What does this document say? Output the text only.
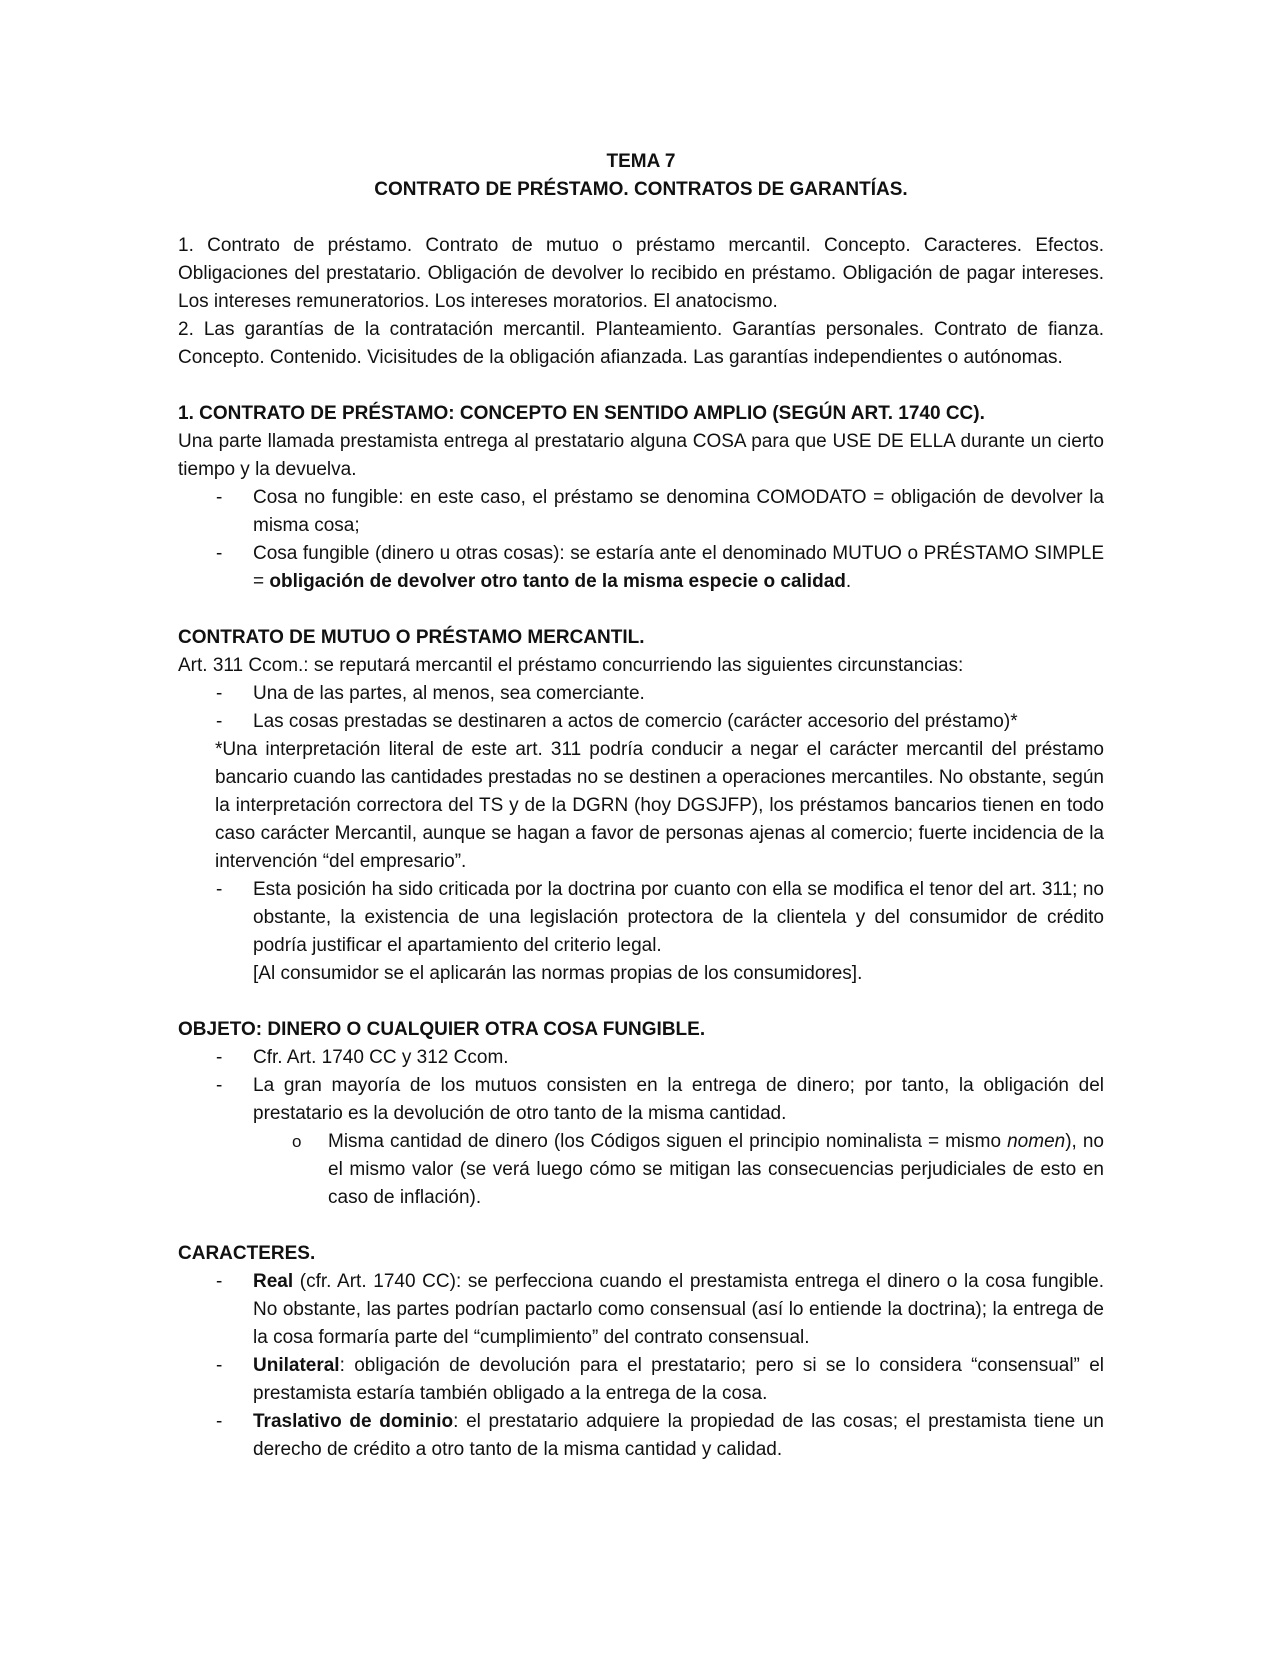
TEMA 7
CONTRATO DE PRÉSTAMO. CONTRATOS DE GARANTÍAS.

1. Contrato de préstamo. Contrato de mutuo o préstamo mercantil. Concepto. Caracteres. Efectos. Obligaciones del prestatario. Obligación de devolver lo recibido en préstamo. Obligación de pagar intereses. Los intereses remuneratorios. Los intereses moratorios. El anatocismo.

2. Las garantías de la contratación mercantil. Planteamiento. Garantías personales. Contrato de fianza. Concepto. Contenido. Vicisitudes de la obligación afianzada. Las garantías independientes o autónomas.

1. CONTRATO DE PRÉSTAMO: CONCEPTO EN SENTIDO AMPLIO (SEGÚN ART. 1740 CC).

Una parte llamada prestamista entrega al prestatario alguna COSA para que USE DE ELLA durante un cierto tiempo y la devuelva.

- Cosa no fungible: en este caso, el préstamo se denomina COMODATO = obligación de devolver la misma cosa;
- Cosa fungible (dinero u otras cosas): se estaría ante el denominado MUTUO o PRÉSTAMO SIMPLE = obligación de devolver otro tanto de la misma especie o calidad.
CONTRATO DE MUTUO O PRÉSTAMO MERCANTIL.

Art. 311 Ccom.: se reputará mercantil el préstamo concurriendo las siguientes circunstancias:

- Una de las partes, al menos, sea comerciante.
- Las cosas prestadas se destinaren a actos de comercio (carácter accesorio del préstamo)*
*Una interpretación literal de este art. 311 podría conducir a negar el carácter mercantil del préstamo bancario cuando las cantidades prestadas no se destinen a operaciones mercantiles. No obstante, según la interpretación correctora del TS y de la DGRN (hoy DGSJFP), los préstamos bancarios tienen en todo caso carácter Mercantil, aunque se hagan a favor de personas ajenas al comercio; fuerte incidencia de la intervención “del empresario”.
- Esta posición ha sido criticada por la doctrina por cuanto con ella se modifica el tenor del art. 311; no obstante, la existencia de una legislación protectora de la clientela y del consumidor de crédito podría justificar el apartamiento del criterio legal.
[Al consumidor se el aplicarán las normas propias de los consumidores].
OBJETO: DINERO O CUALQUIER OTRA COSA FUNGIBLE.
- Cfr. Art. 1740 CC y 312 Ccom.
- La gran mayoría de los mutuos consisten en la entrega de dinero; por tanto, la obligación del prestatario es la devolución de otro tanto de la misma cantidad.
o Misma cantidad de dinero (los Códigos siguen el principio nominalista = mismo nomen), no el mismo valor (se verá luego cómo se mitigan las consecuencias perjudiciales de esto en caso de inflación).
CARACTERES.
- Real (cfr. Art. 1740 CC): se perfecciona cuando el prestamista entrega el dinero o la cosa fungible. No obstante, las partes podrían pactarlo como consensual (así lo entiende la doctrina); la entrega de la cosa formaría parte del “cumplimiento” del contrato consensual.
- Unilateral: obligación de devolución para el prestatario; pero si se lo considera “consensual” el prestamista estaría también obligado a la entrega de la cosa.
- Traslativo de dominio: el prestatario adquiere la propiedad de las cosas; el prestamista tiene un derecho de crédito a otro tanto de la misma cantidad y calidad.
